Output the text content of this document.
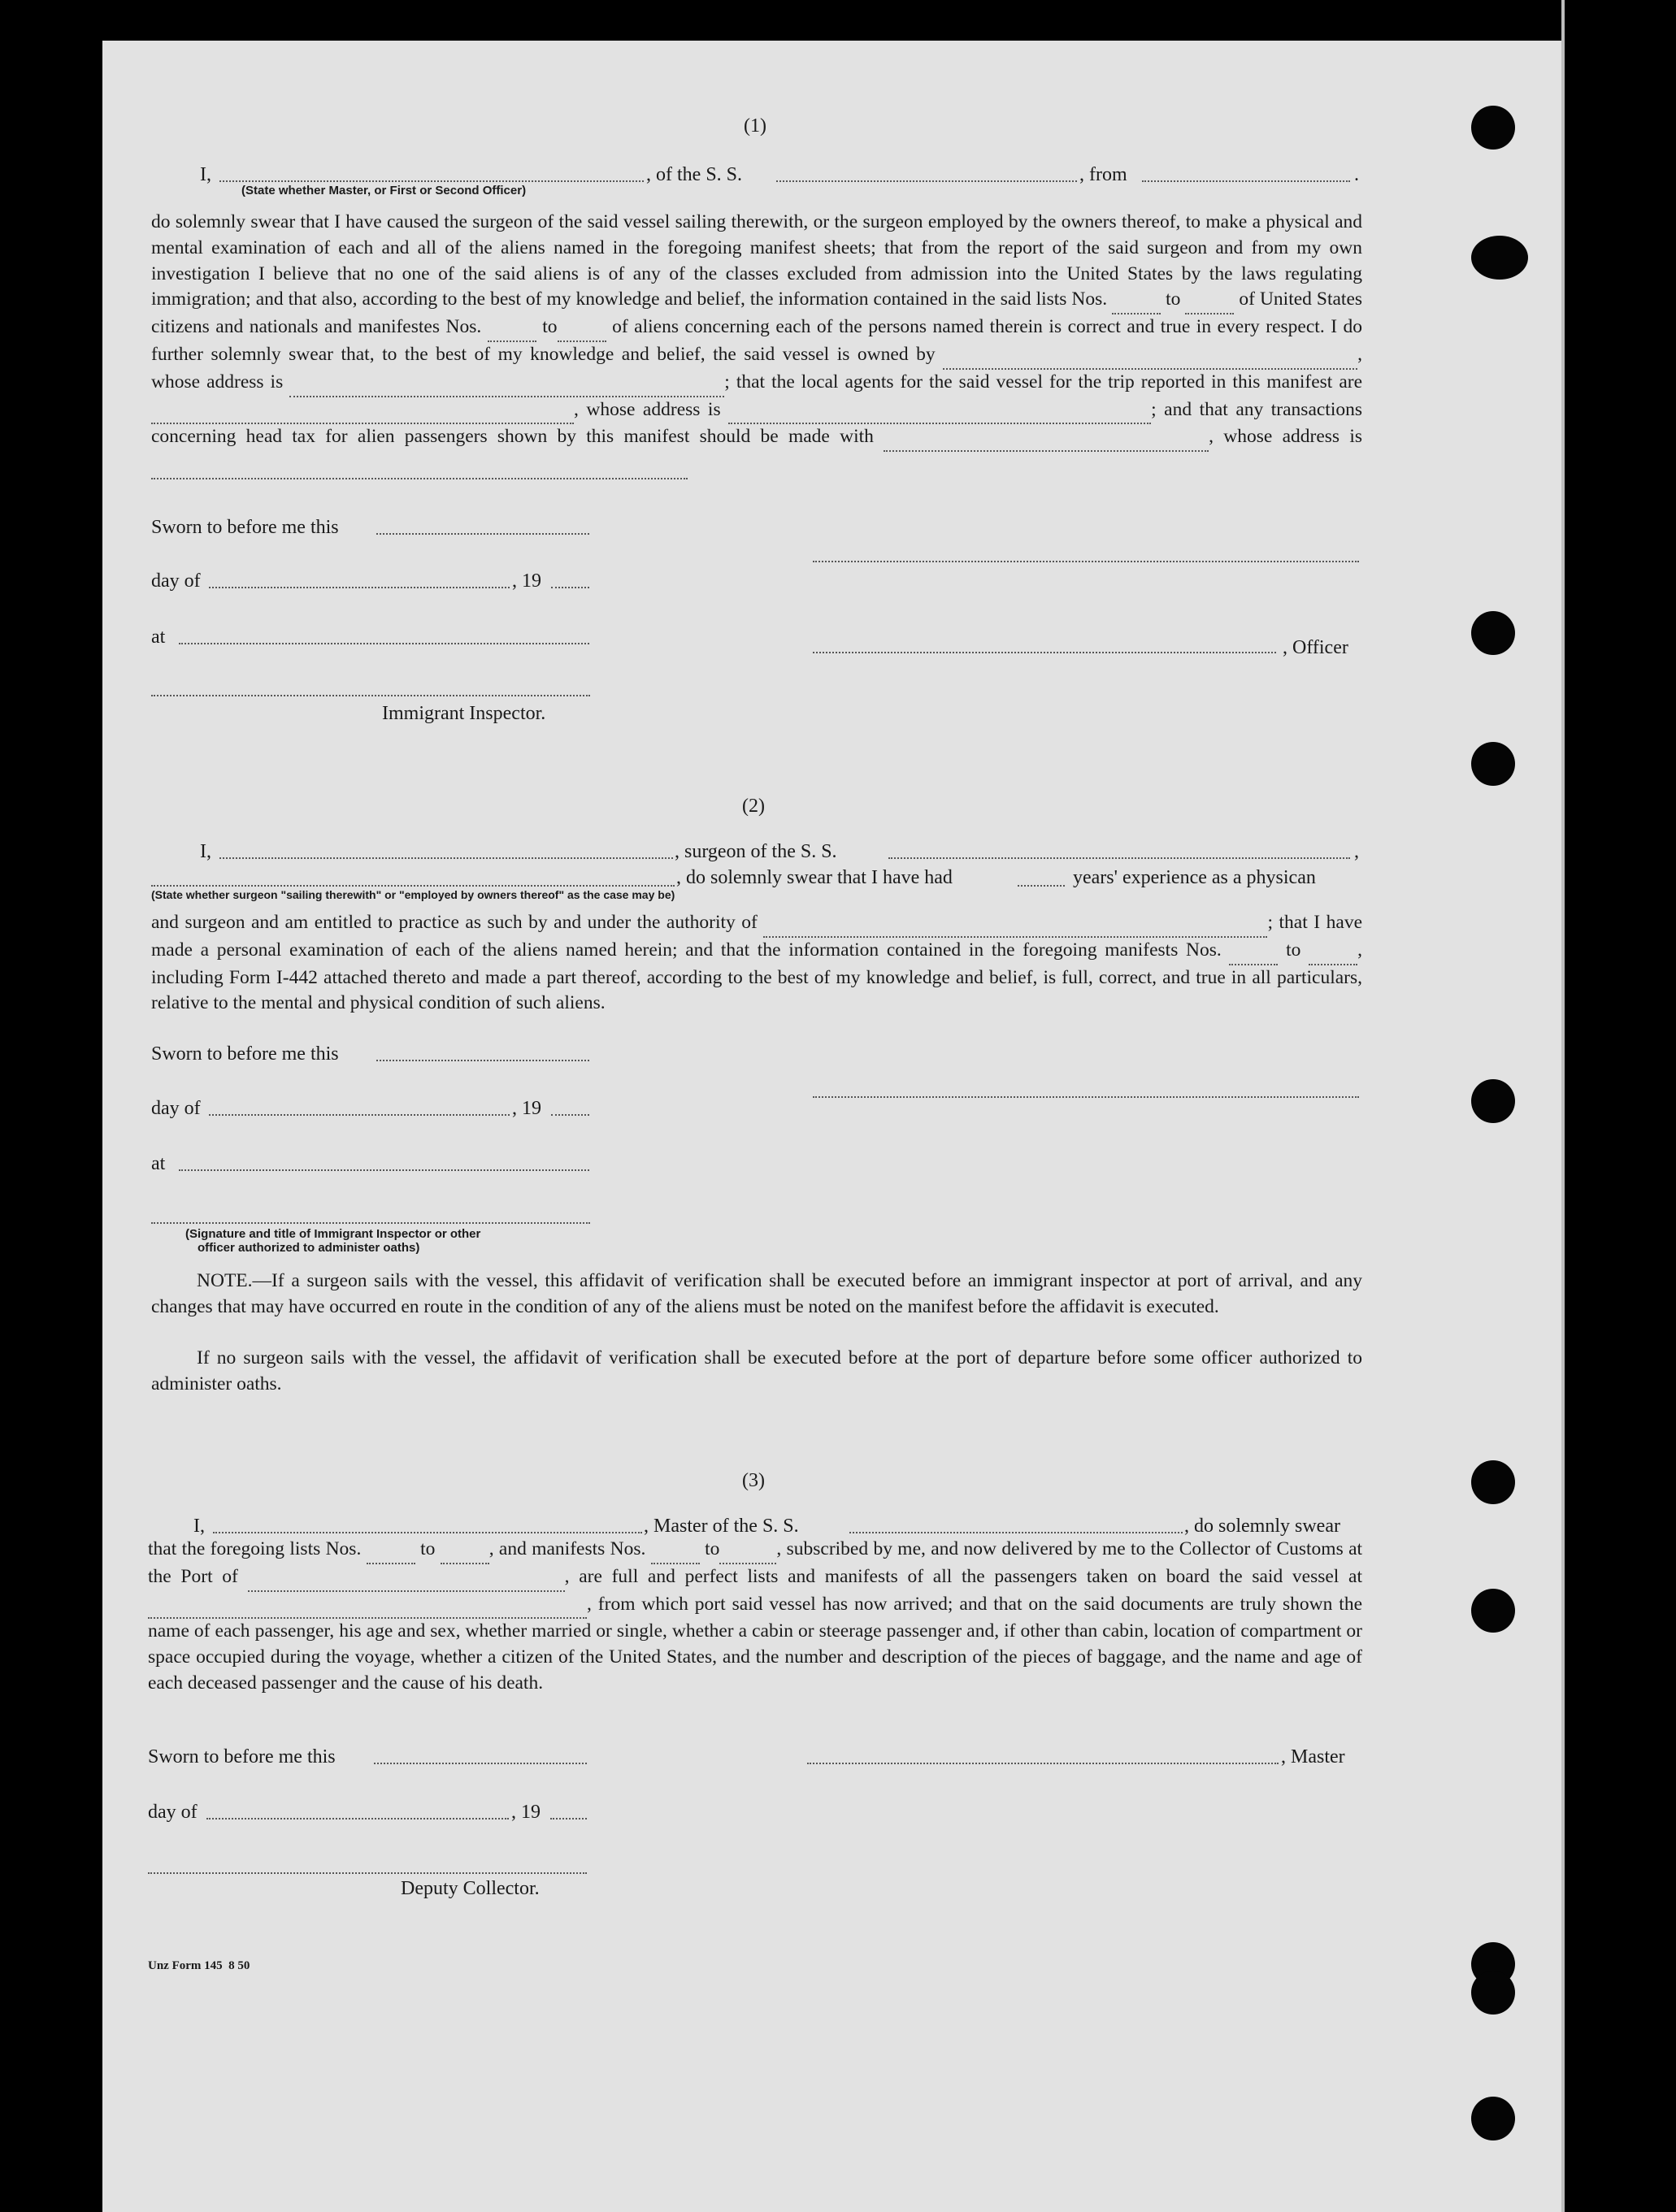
(1)
I,	, of the S. S.	, from	.
(State whether Master, or First or Second Officer)
do solemnly swear that I have caused the surgeon of the said vessel sailing therewith, or the surgeon employed by the owners thereof, to make a physical and mental examination of each and all of the aliens named in the foregoing manifest sheets; that from the report of the said surgeon and from my own investigation I believe that no one of the said aliens is of any of the classes excluded from admission into the United States by the laws regulating immigration; and that also, according to the best of my knowledge and belief, the information contained in the said lists Nos.	to	of United States citizens and nationals and manifestes Nos.	to	of aliens concerning each of the persons named therein is correct and true in every respect. I do further solemnly swear that, to the best of my knowledge and belief, the said vessel is owned by	, whose address is	; that the local agents for the said vessel for the trip reported in this manifest are  , whose address is	; and that any transactions concerning head tax for alien passengers shown by this manifest should be made with	, whose address is
Sworn to before me this
day of	, 19
at	, Officer
Immigrant Inspector.
(2)
I,	, surgeon of the S. S.	,
, do solemnly swear that I have had	years' experience as a physican
(State whether surgeon "sailing therewith" or "employed by owners thereof" as the case may be)
and surgeon and am entitled to practice as such by and under the authority of	; that I have made a personal examination of each of the aliens named herein; and that the information contained in the foregoing manifests Nos.	to	, including Form I-442 attached thereto and made a part thereof, according to the best of my knowledge and belief, is full, correct, and true in all particulars, relative to the mental and physical condition of such aliens.
Sworn to before me this
day of	, 19
at
(Signature and title of Immigrant Inspector or other
officer authorized to administer oaths)
NOTE.—If a surgeon sails with the vessel, this affidavit of verification shall be executed before an immigrant inspector at port of arrival, and any changes that may have occurred en route in the condition of any of the aliens must be noted on the manifest before the affidavit is executed.
If no surgeon sails with the vessel, the affidavit of verification shall be executed before at the port of departure before some officer authorized to administer oaths.
(3)
I,	, Master of the S. S.	, do solemnly swear
that the foregoing lists Nos.	to	, and manifests Nos.	to	, subscribed by me, and now delivered by me to the Collector of Customs at the Port of	, are full and perfect lists and manifests of all the passengers taken on board the said vessel at  , from which port said vessel has now arrived; and that on the said documents are truly shown the name of each passenger, his age and sex, whether married or single, whether a cabin or steerage passenger and, if other than cabin, location of compartment or space occupied during the voyage, whether a citizen of the United States, and the number and description of the pieces of baggage, and the name and age of each deceased passenger and the cause of his death.
Sworn to before me this	, Master
day of	, 19
Deputy Collector.
Unz Form 145  8 50
